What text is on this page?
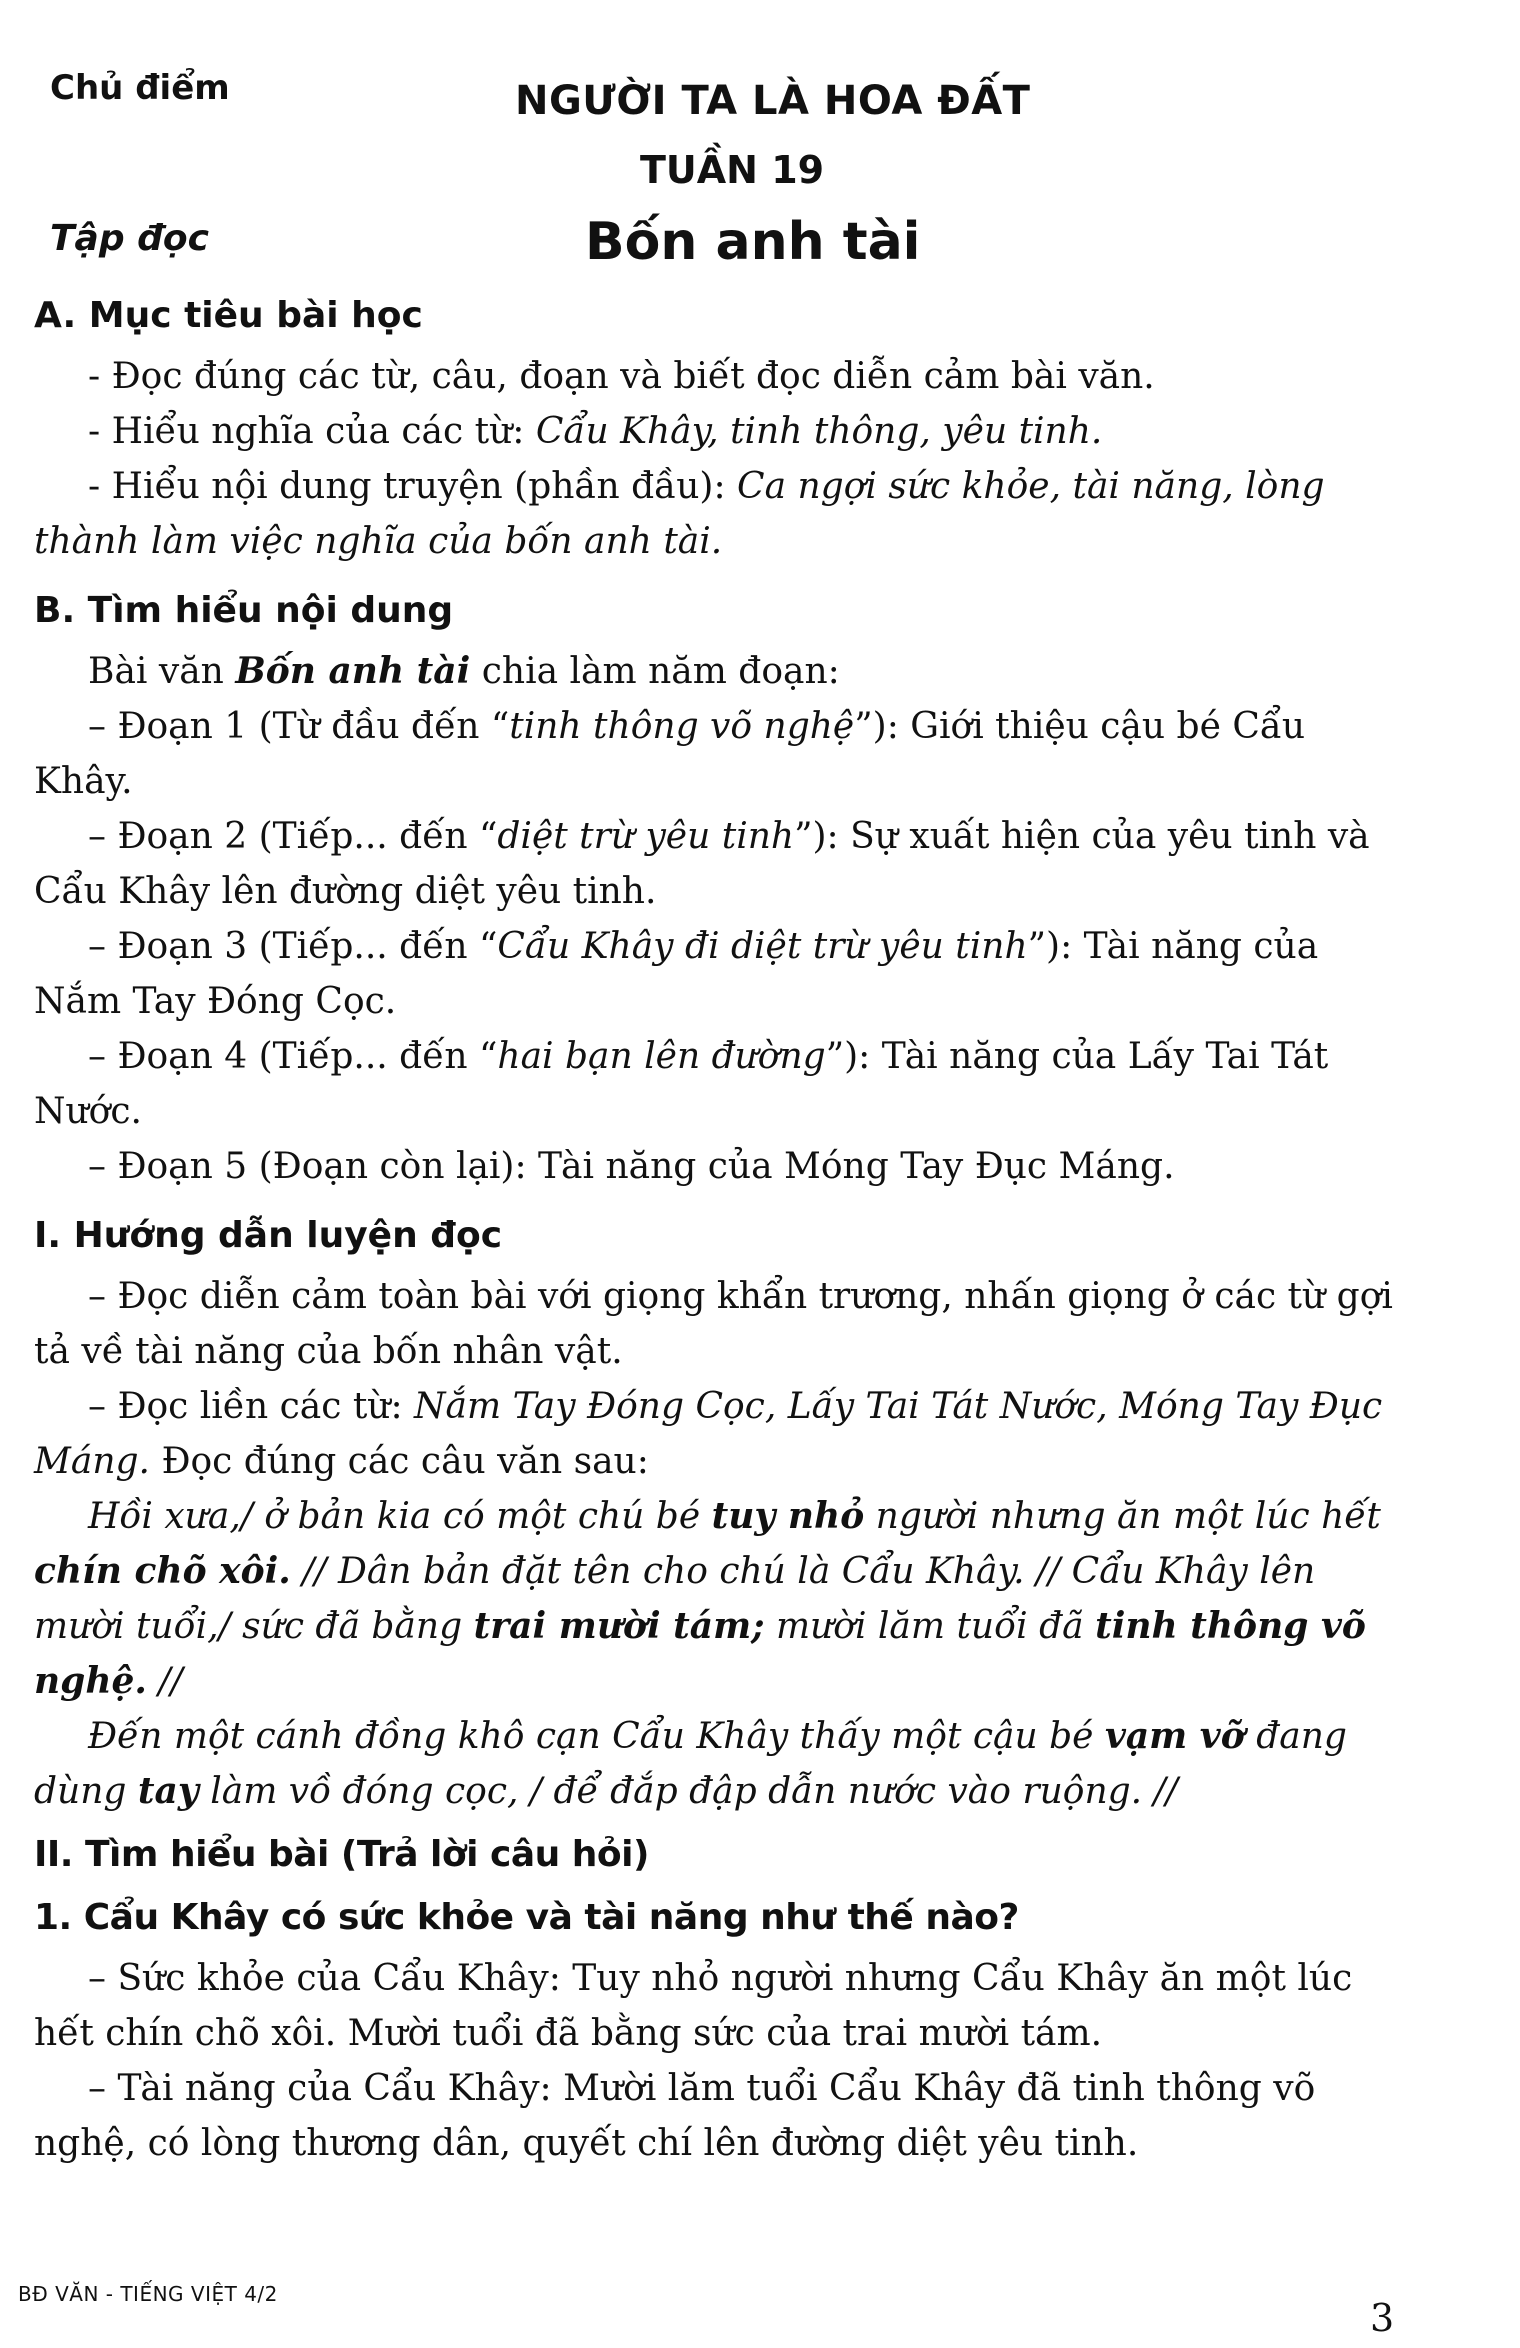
Chủ điểm	NGƯỜI TA LÀ HOA ĐẤT
TUẦN 19
Tập đọc	Bốn anh tài
A. Mục tiêu bài học

- Đọc đúng các từ, câu, đoạn và biết đọc diễn cảm bài văn.

- Hiểu nghĩa của các từ: Cẩu Khây, tinh thông, yêu tinh.

- Hiểu nội dung truyện (phần đầu): Ca ngợi sức khỏe, tài năng, lòng thành làm việc nghĩa của bốn anh tài.

B. Tìm hiểu nội dung

Bài văn Bốn anh tài chia làm năm đoạn:

– Đoạn 1 (Từ đầu đến “tinh thông võ nghệ”): Giới thiệu cậu bé Cẩu Khây.

– Đoạn 2 (Tiếp... đến “diệt trừ yêu tinh”): Sự xuất hiện của yêu tinh và Cẩu Khây lên đường diệt yêu tinh.

– Đoạn 3 (Tiếp... đến “Cẩu Khây đi diệt trừ yêu tinh”): Tài năng của Nắm Tay Đóng Cọc.

– Đoạn 4 (Tiếp... đến “hai bạn lên đường”): Tài năng của Lấy Tai Tát Nước.

– Đoạn 5 (Đoạn còn lại): Tài năng của Móng Tay Đục Máng.

I. Hướng dẫn luyện đọc

– Đọc diễn cảm toàn bài với giọng khẩn trương, nhấn giọng ở các từ gợi tả về tài năng của bốn nhân vật.

– Đọc liền các từ: Nắm Tay Đóng Cọc, Lấy Tai Tát Nước, Móng Tay Đục Máng. Đọc đúng các câu văn sau:

Hồi xưa,/ ở bản kia có một chú bé tuy nhỏ người nhưng ăn một lúc hết chín chõ xôi. // Dân bản đặt tên cho chú là Cẩu Khây. // Cẩu Khây lên mười tuổi,/ sức đã bằng trai mười tám; mười lăm tuổi đã tinh thông võ nghệ. //

Đến một cánh đồng khô cạn Cẩu Khây thấy một cậu bé vạm vỡ đang dùng tay làm vồ đóng cọc, / để đắp đập dẫn nước vào ruộng. //

II. Tìm hiểu bài (Trả lời câu hỏi)
1. Cẩu Khây có sức khỏe và tài năng như thế nào?

– Sức khỏe của Cẩu Khây: Tuy nhỏ người nhưng Cẩu Khây ăn một lúc hết chín chõ xôi. Mười tuổi đã bằng sức của trai mười tám.

– Tài năng của Cẩu Khây: Mười lăm tuổi Cẩu Khây đã tinh thông võ nghệ, có lòng thương dân, quyết chí lên đường diệt yêu tinh.

BĐ VĂN - TIẾNG VIỆT 4/2
3
